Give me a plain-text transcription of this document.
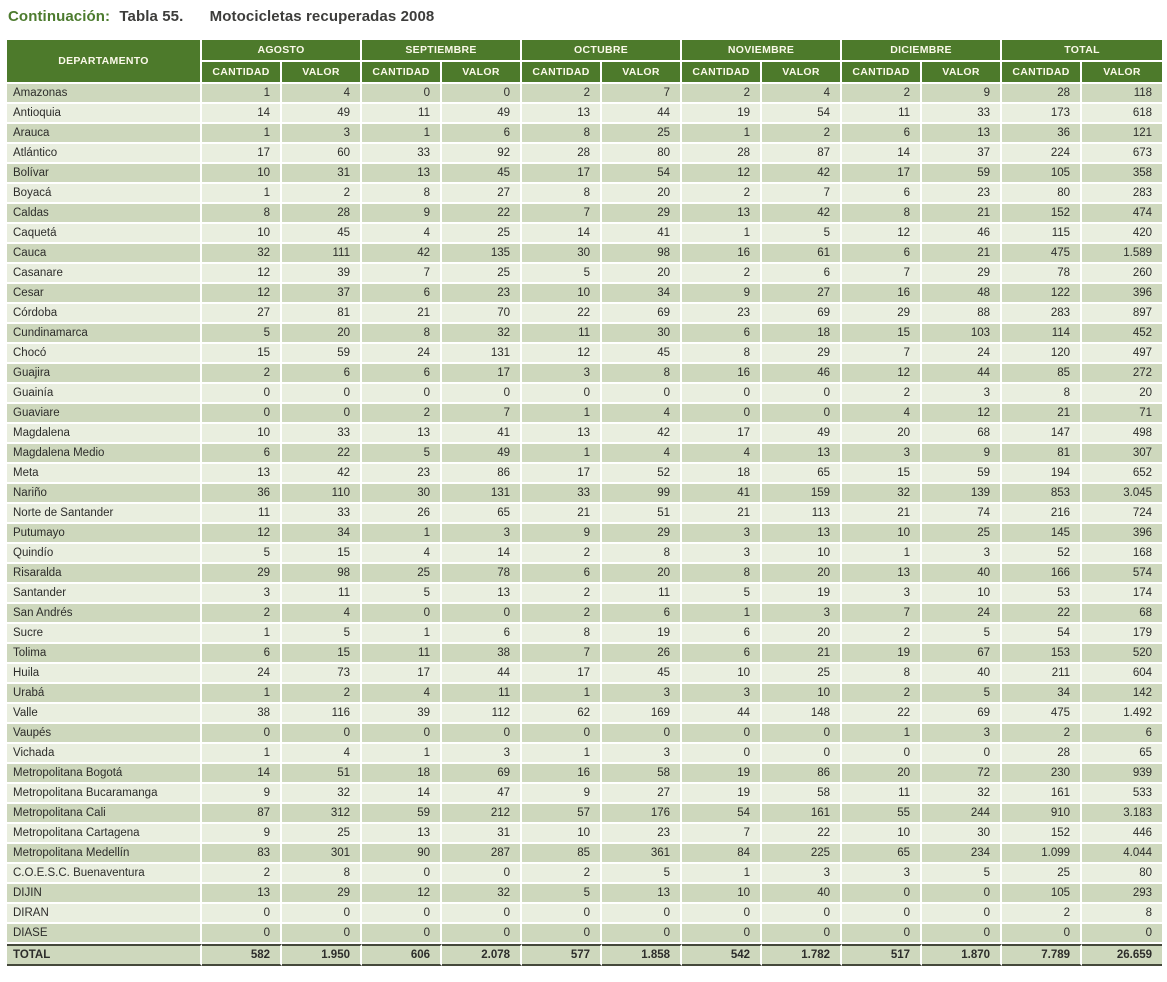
Continuación: Tabla 55. Motocicletas recuperadas 2008
DEPARTAMENTO	AGOSTO		SEPTIEMBRE		OCTUBRE		NOVIEMBRE		DICIEMBRE		TOTAL	
	CANTIDAD	VALOR	CANTIDAD	VALOR	CANTIDAD	VALOR	CANTIDAD	VALOR	CANTIDAD	VALOR	CANTIDAD	VALOR
Amazonas	1	4	0	0	2	7	2	4	2	9	28	118
Antioquia	14	49	11	49	13	44	19	54	11	33	173	618
Arauca	1	3	1	6	8	25	1	2	6	13	36	121
Atlántico	17	60	33	92	28	80	28	87	14	37	224	673
Bolívar	10	31	13	45	17	54	12	42	17	59	105	358
Boyacá	1	2	8	27	8	20	2	7	6	23	80	283
Caldas	8	28	9	22	7	29	13	42	8	21	152	474
Caquetá	10	45	4	25	14	41	1	5	12	46	115	420
Cauca	32	111	42	135	30	98	16	61	6	21	475	1.589
Casanare	12	39	7	25	5	20	2	6	7	29	78	260
Cesar	12	37	6	23	10	34	9	27	16	48	122	396
Córdoba	27	81	21	70	22	69	23	69	29	88	283	897
Cundinamarca	5	20	8	32	11	30	6	18	15	103	114	452
Chocó	15	59	24	131	12	45	8	29	7	24	120	497
Guajira	2	6	6	17	3	8	16	46	12	44	85	272
Guainía	0	0	0	0	0	0	0	0	2	3	8	20
Guaviare	0	0	2	7	1	4	0	0	4	12	21	71
Magdalena	10	33	13	41	13	42	17	49	20	68	147	498
Magdalena Medio	6	22	5	49	1	4	4	13	3	9	81	307
Meta	13	42	23	86	17	52	18	65	15	59	194	652
Nariño	36	110	30	131	33	99	41	159	32	139	853	3.045
Norte de Santander	11	33	26	65	21	51	21	113	21	74	216	724
Putumayo	12	34	1	3	9	29	3	13	10	25	145	396
Quindío	5	15	4	14	2	8	3	10	1	3	52	168
Risaralda	29	98	25	78	6	20	8	20	13	40	166	574
Santander	3	11	5	13	2	11	5	19	3	10	53	174
San Andrés	2	4	0	0	2	6	1	3	7	24	22	68
Sucre	1	5	1	6	8	19	6	20	2	5	54	179
Tolima	6	15	11	38	7	26	6	21	19	67	153	520
Huila	24	73	17	44	17	45	10	25	8	40	211	604
Urabá	1	2	4	11	1	3	3	10	2	5	34	142
Valle	38	116	39	112	62	169	44	148	22	69	475	1.492
Vaupés	0	0	0	0	0	0	0	0	1	3	2	6
Vichada	1	4	1	3	1	3	0	0	0	0	28	65
Metropolitana Bogotá	14	51	18	69	16	58	19	86	20	72	230	939
Metropolitana Bucaramanga	9	32	14	47	9	27	19	58	11	32	161	533
Metropolitana Cali	87	312	59	212	57	176	54	161	55	244	910	3.183
Metropolitana Cartagena	9	25	13	31	10	23	7	22	10	30	152	446
Metropolitana Medellín	83	301	90	287	85	361	84	225	65	234	1.099	4.044
C.O.E.S.C. Buenaventura	2	8	0	0	2	5	1	3	3	5	25	80
DIJIN	13	29	12	32	5	13	10	40	0	0	105	293
DIRAN	0	0	0	0	0	0	0	0	0	0	2	8
DIASE	0	0	0	0	0	0	0	0	0	0	0	0
TOTAL	582	1.950	606	2.078	577	1.858	542	1.782	517	1.870	7.789	26.659
